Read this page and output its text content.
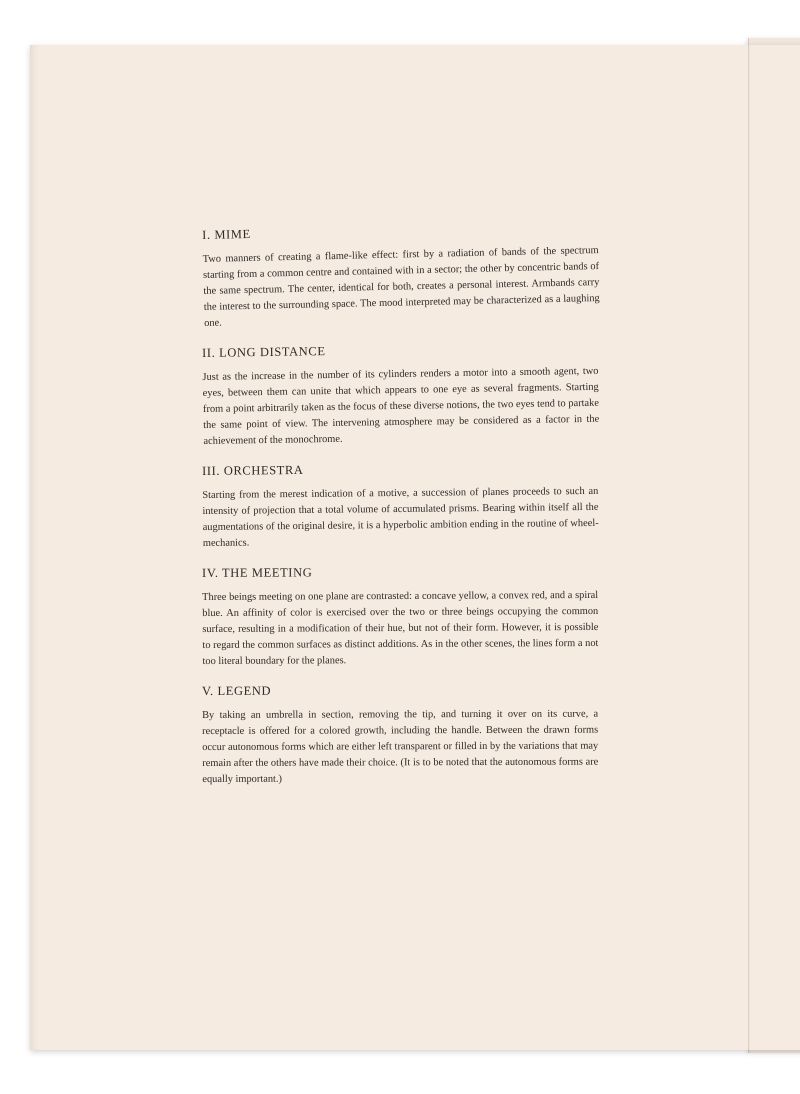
I. MIME

Two manners of creating a flame-like effect: first by a radiation of bands of the spectrum starting from a common centre and contained with in a sector; the other by concentric bands of the same spectrum. The center, identical for both, creates a personal interest. Armbands carry the interest to the surrounding space. The mood interpreted may be characterized as a laughing one.

II. LONG DISTANCE

Just as the increase in the number of its cylinders renders a motor into a smooth agent, two eyes, between them can unite that which appears to one eye as several fragments. Starting from a point arbitrarily taken as the focus of these diverse notions, the two eyes tend to partake the same point of view. The intervening atmosphere may be considered as a factor in the achievement of the monochrome.

III. ORCHESTRA

Starting from the merest indication of a motive, a succession of planes proceeds to such an intensity of projection that a total volume of accumulated prisms. Bearing within itself all the augmentations of the original desire, it is a hyperbolic ambition ending in the routine of wheel-mechanics.

IV. THE MEETING

Three beings meeting on one plane are contrasted: a concave yellow, a convex red, and a spiral blue. An affinity of color is exercised over the two or three beings occupying the common surface, resulting in a modification of their hue, but not of their form. However, it is possible to regard the common surfaces as distinct additions. As in the other scenes, the lines form a not too literal boundary for the planes.

V. LEGEND

By taking an umbrella in section, removing the tip, and turning it over on its curve, a receptacle is offered for a colored growth, including the handle. Between the drawn forms occur autonomous forms which are either left transparent or filled in by the variations that may remain after the others have made their choice. (It is to be noted that the autonomous forms are equally important.)
